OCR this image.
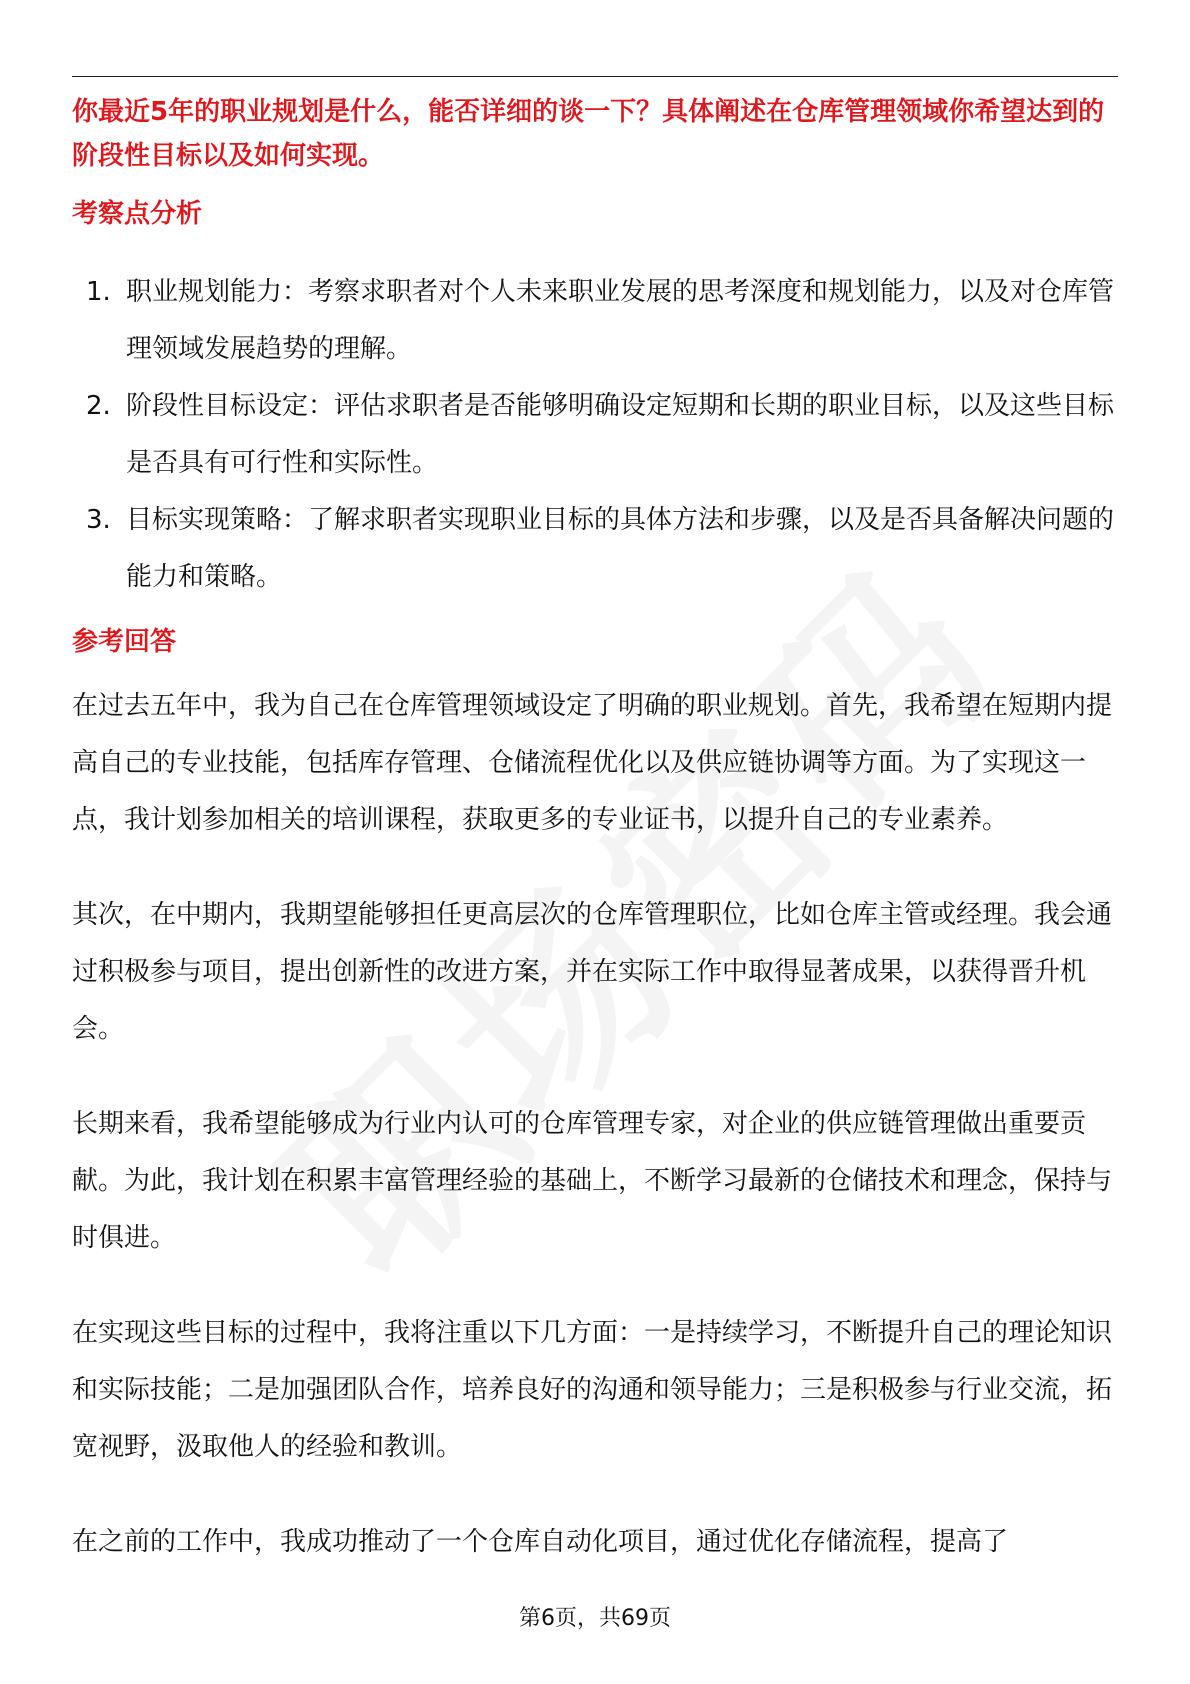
你最近5年的职业规划是什么，能否详细的谈一下？具体阐述在仓库管理领域你希望达到的阶段性目标以及如何实现。

考察点分析
1. 职业规划能力：考察求职者对个人未来职业发展的思考深度和规划能力，以及对仓库管理领域发展趋势的理解。
2. 阶段性目标设定：评估求职者是否能够明确设定短期和长期的职业目标，以及这些目标是否具有可行性和实际性。
3. 目标实现策略：了解求职者实现职业目标的具体方法和步骤，以及是否具备解决问题的能力和策略。
参考回答

在过去五年中，我为自己在仓库管理领域设定了明确的职业规划。首先，我希望在短期内提高自己的专业技能，包括库存管理、仓储流程优化以及供应链协调等方面。为了实现这一点，我计划参加相关的培训课程，获取更多的专业证书，以提升自己的专业素养。

其次，在中期内，我期望能够担任更高层次的仓库管理职位，比如仓库主管或经理。我会通过积极参与项目，提出创新性的改进方案，并在实际工作中取得显著成果，以获得晋升机会。

长期来看，我希望能够成为行业内认可的仓库管理专家，对企业的供应链管理做出重要贡献。为此，我计划在积累丰富管理经验的基础上，不断学习最新的仓储技术和理念，保持与时俱进。

在实现这些目标的过程中，我将注重以下几方面：一是持续学习，不断提升自己的理论知识和实际技能；二是加强团队合作，培养良好的沟通和领导能力；三是积极参与行业交流，拓宽视野，汲取他人的经验和教训。

在之前的工作中，我成功推动了一个仓库自动化项目，通过优化存储流程，提高了

第6页，共69页
